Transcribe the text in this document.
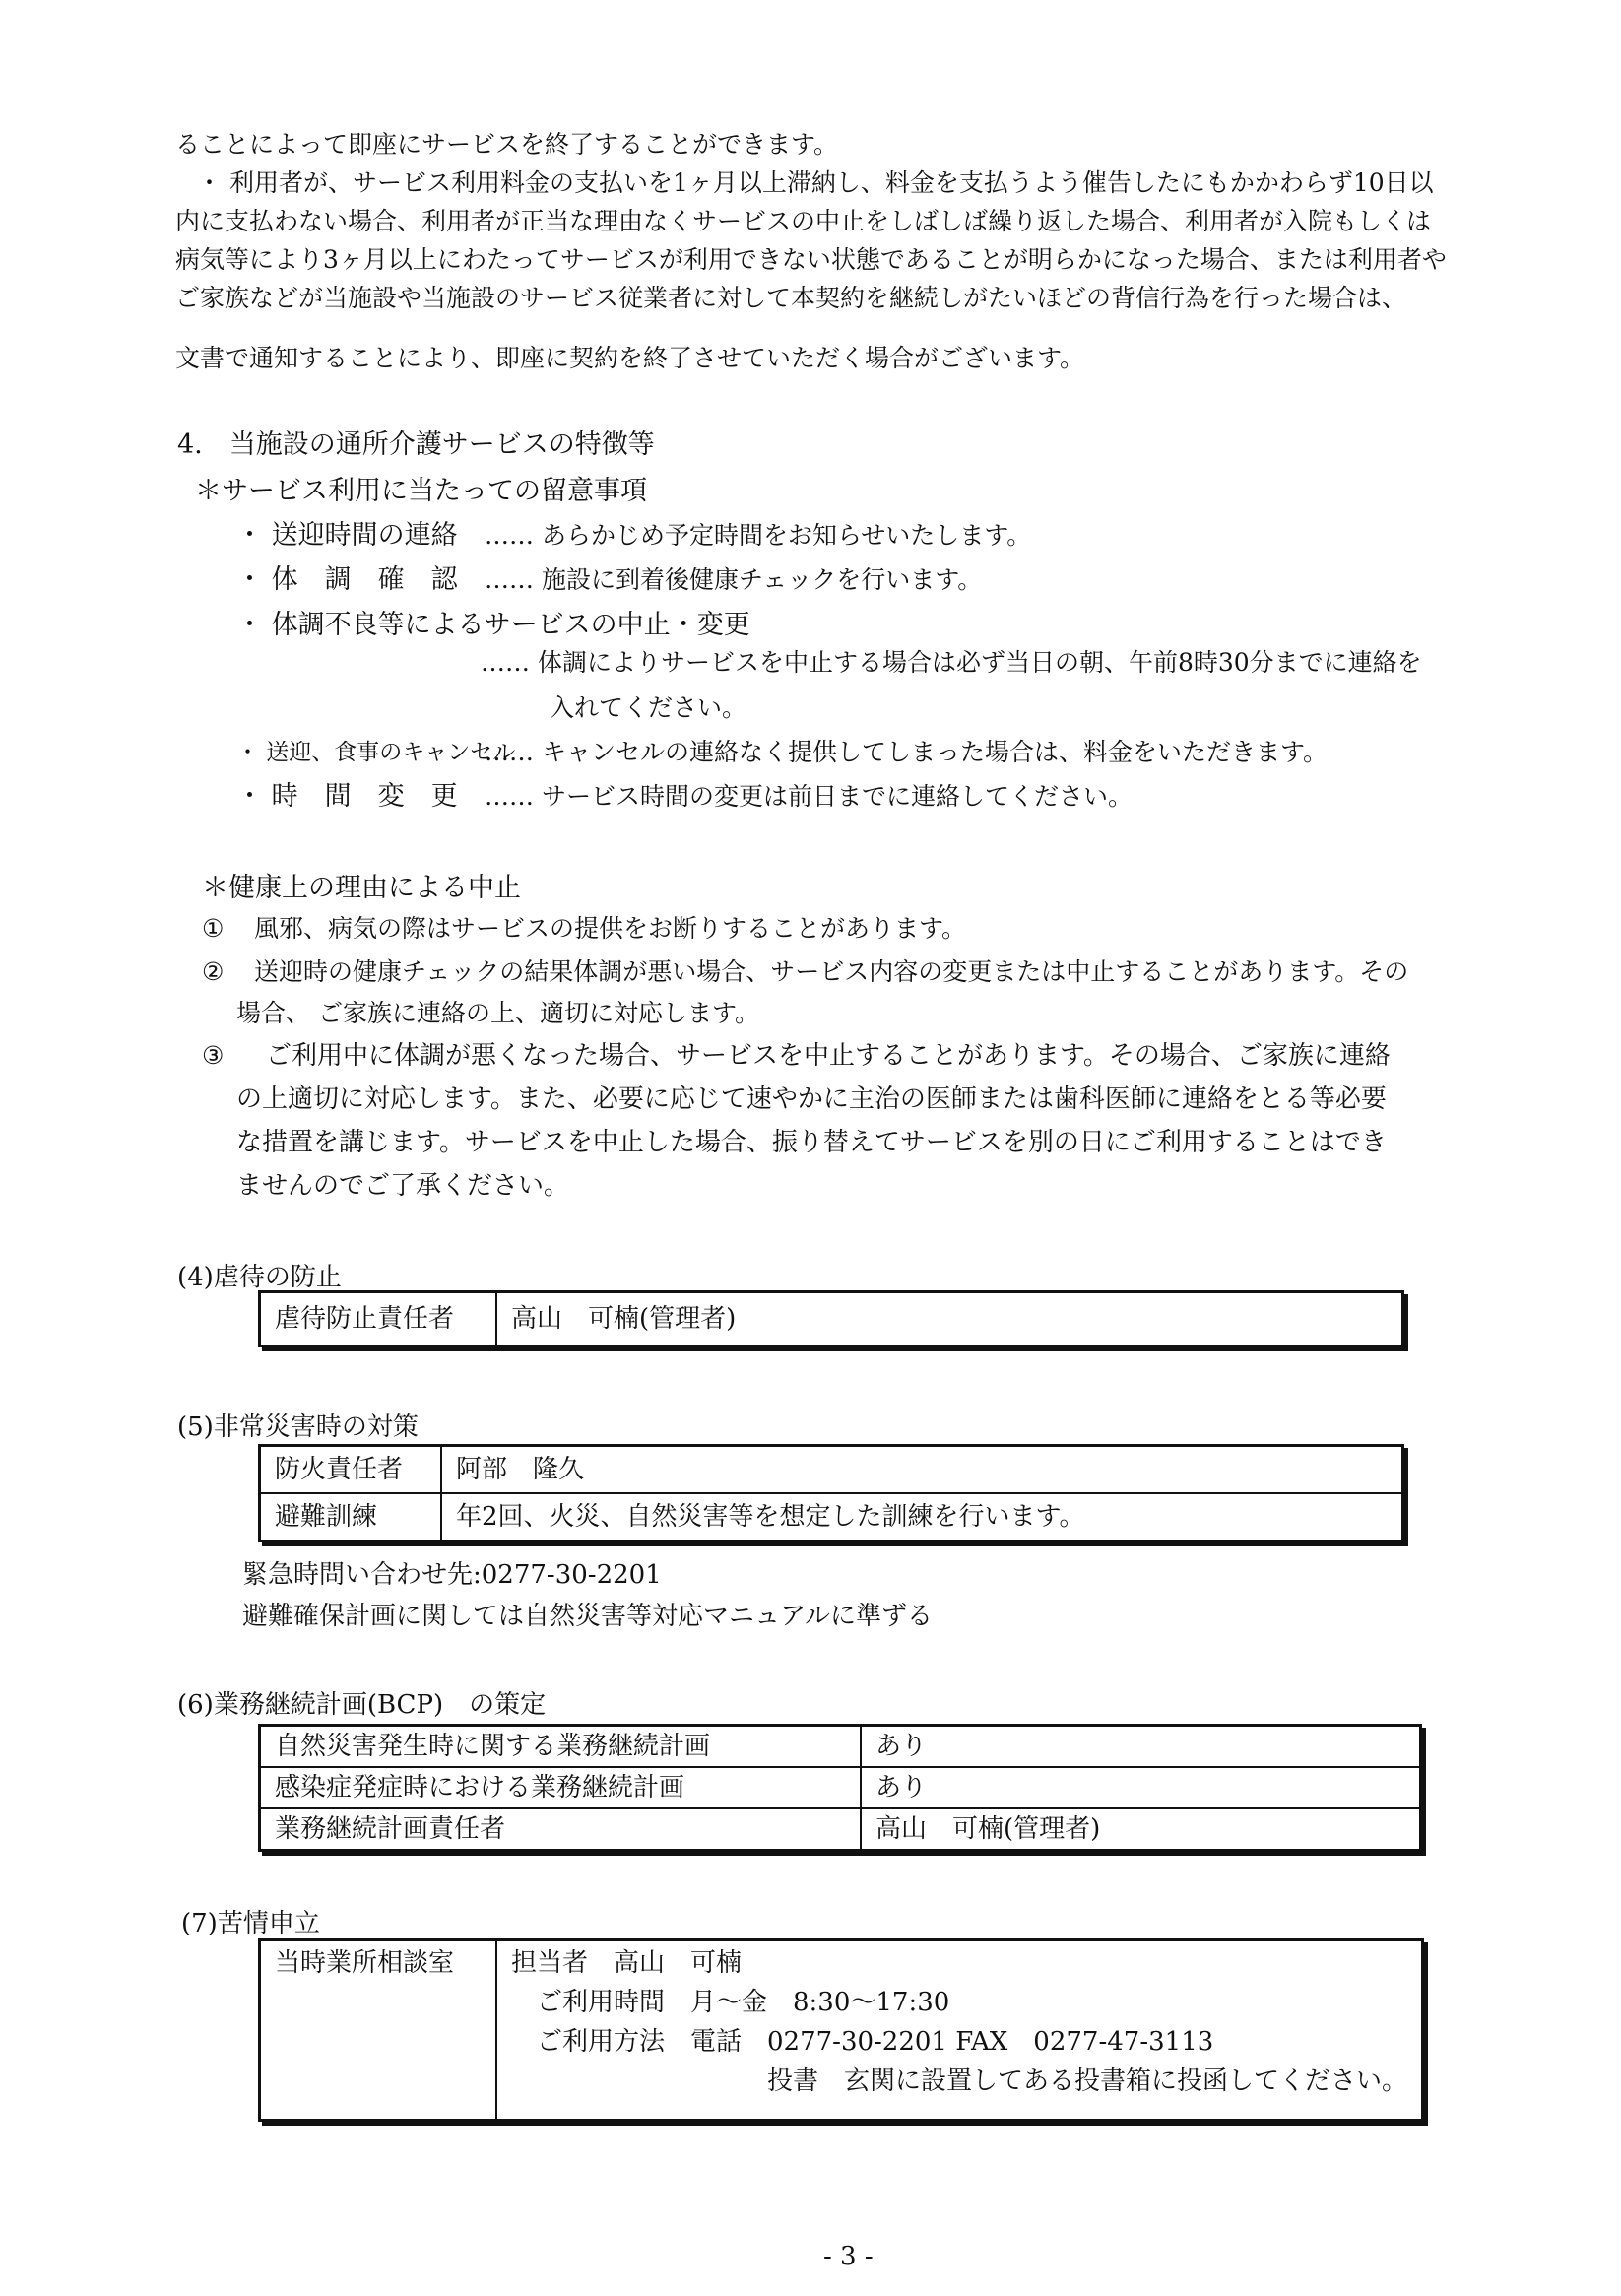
ることによって即座にサービスを終了することができます。
・ 利用者が、サービス利用料金の支払いを1ヶ月以上滞納し、料金を支払うよう催告したにもかかわらず10日以
内に支払わない場合、利用者が正当な理由なくサービスの中止をしばしば繰り返した場合、利用者が入院もしくは
病気等により3ヶ月以上にわたってサービスが利用できない状態であることが明らかになった場合、または利用者や
ご家族などが当施設や当施設のサービス従業者に対して本契約を継続しがたいほどの背信行為を行った場合は、
文書で通知することにより、即座に契約を終了させていただく場合がございます。
4.　当施設の通所介護サービスの特徴等
＊サービス利用に当たっての留意事項
・ 送迎時間の連絡 …… あらかじめ予定時間をお知らせいたします。
・ 体　調　確　認 …… 施設に到着後健康チェックを行います。
・ 体調不良等によるサービスの中止・変更
…… 体調によりサービスを中止する場合は必ず当日の朝、午前8時30分までに連絡を
入れてください。
・ 送迎、食事のキャンセル
…… キャンセルの連絡なく提供してしまった場合は、料金をいただきます。
・ 時　間　変　更 …… サービス時間の変更は前日までに連絡してください。
＊健康上の理由による中止
① 風邪、病気の際はサービスの提供をお断りすることがあります。
② 送迎時の健康チェックの結果体調が悪い場合、サービス内容の変更または中止することがあります。その
場合、 ご家族に連絡の上、適切に対応します。
③ ご利用中に体調が悪くなった場合、サービスを中止することがあります。その場合、ご家族に連絡
の上適切に対応します。また、必要に応じて速やかに主治の医師または歯科医師に連絡をとる等必要
な措置を講じます。サービスを中止した場合、振り替えてサービスを別の日にご利用することはでき
ませんのでご了承ください。
(4)虐待の防止
虐待防止責任者	高山　可楠(管理者)
(5)非常災害時の対策
防火責任者	阿部　隆久
避難訓練	年2回、火災、自然災害等を想定した訓練を行います。
緊急時問い合わせ先:0277-30-2201
避難確保計画に関しては自然災害等対応マニュアルに準ずる
(6)業務継続計画(BCP)　の策定
自然災害発生時に関する業務継続計画	あり
感染症発症時における業務継続計画	あり
業務継続計画責任者	高山　可楠(管理者)
(7)苦情申立
当時業所相談室	担当者　高山　可楠
　ご利用時間　月～金　8:30～17:30
　ご利用方法　電話　0277-30-2201 FAX　0277-47-3113
　　　　　　　　　　投書　玄関に設置してある投書箱に投函してください。
- 3 -
